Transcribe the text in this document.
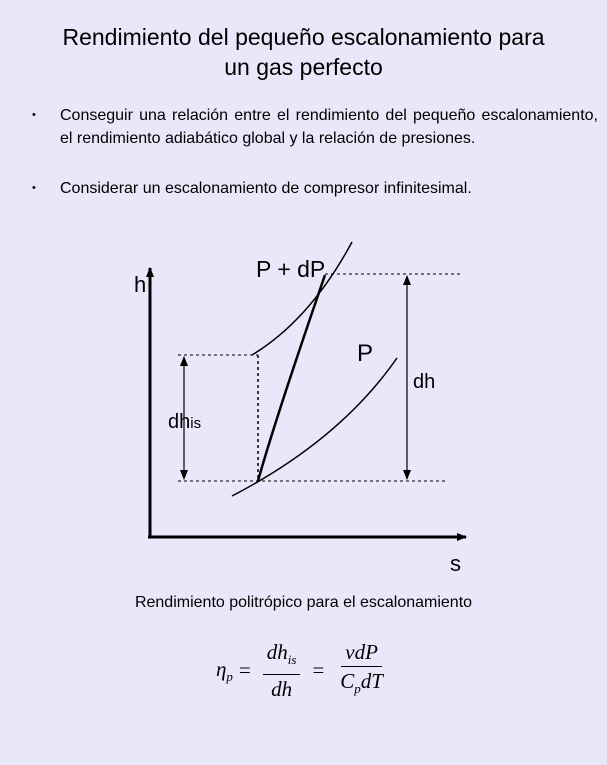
Rendimiento del pequeño escalonamiento para
un gas perfecto
•	Conseguir una relación entre el rendimiento del pequeño escalonamiento, el rendimiento adiabático global y la relación de presiones.
•	Considerar un escalonamiento de compresor infinitesimal.
h
s
P + dP
P
dh
dhis
Rendimiento politrópico para el escalonamiento
$\eta_p = \frac{dh_{is}}{dh} = \frac{\text{νdP}}{C_pdT}$
